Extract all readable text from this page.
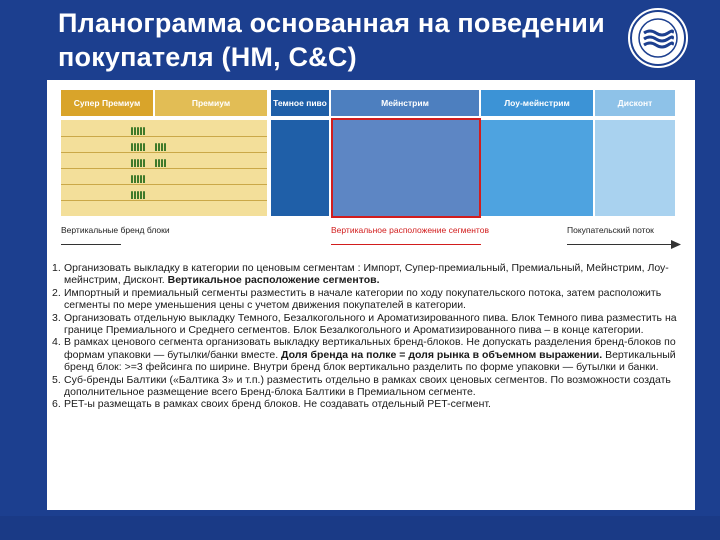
Планограмма основанная на поведении покупателя (НМ, С&C)
Супер Премиум	Премиум	Темное пиво	Мейнстрим	Лоу-мейнстрим	Дисконт
Вертикальные бренд блоки	Вертикальное расположение сегментов	Покупательский поток
1. Организовать выкладку в категории по ценовым сегментам : Импорт, Супер-премиальный, Премиальный, Мейнстрим, Лоу-мейнстрим, Дисконт. Вертикальное расположение сегментов.
2. Импортный и премиальный сегменты разместить в начале категории по ходу покупательского потока, затем расположить сегменты по мере уменьшения цены с учетом движения покупателей в категории.
3. Организовать отдельную выкладку Темного, Безалкогольного и Ароматизированного пива. Блок Темного пива разместить на границе Премиального и Среднего сегментов. Блок Безалкогольного и Ароматизированного пива – в конце категории.
4. В рамках ценового сегмента организовать выкладку вертикальных бренд-блоков. Не допускать разделения бренд-блоков по формам упаковки — бутылки/банки вместе. Доля бренда на полке = доля рынка в объемном выражении. Вертикальный бренд блок: >=3 фейсинга по ширине. Внутри бренд блок вертикально разделить по форме упаковки — бутылки и банки.
5. Суб-бренды Балтики («Балтика 3» и т.п.) разместить отдельно в рамках своих ценовых сегментов. По возможности создать дополнительное размещение всего Бренд-блока Балтики в Премиальном сегменте.
6. PET-ы размещать в рамках своих бренд блоков. Не создавать отдельный PET-сегмент.
